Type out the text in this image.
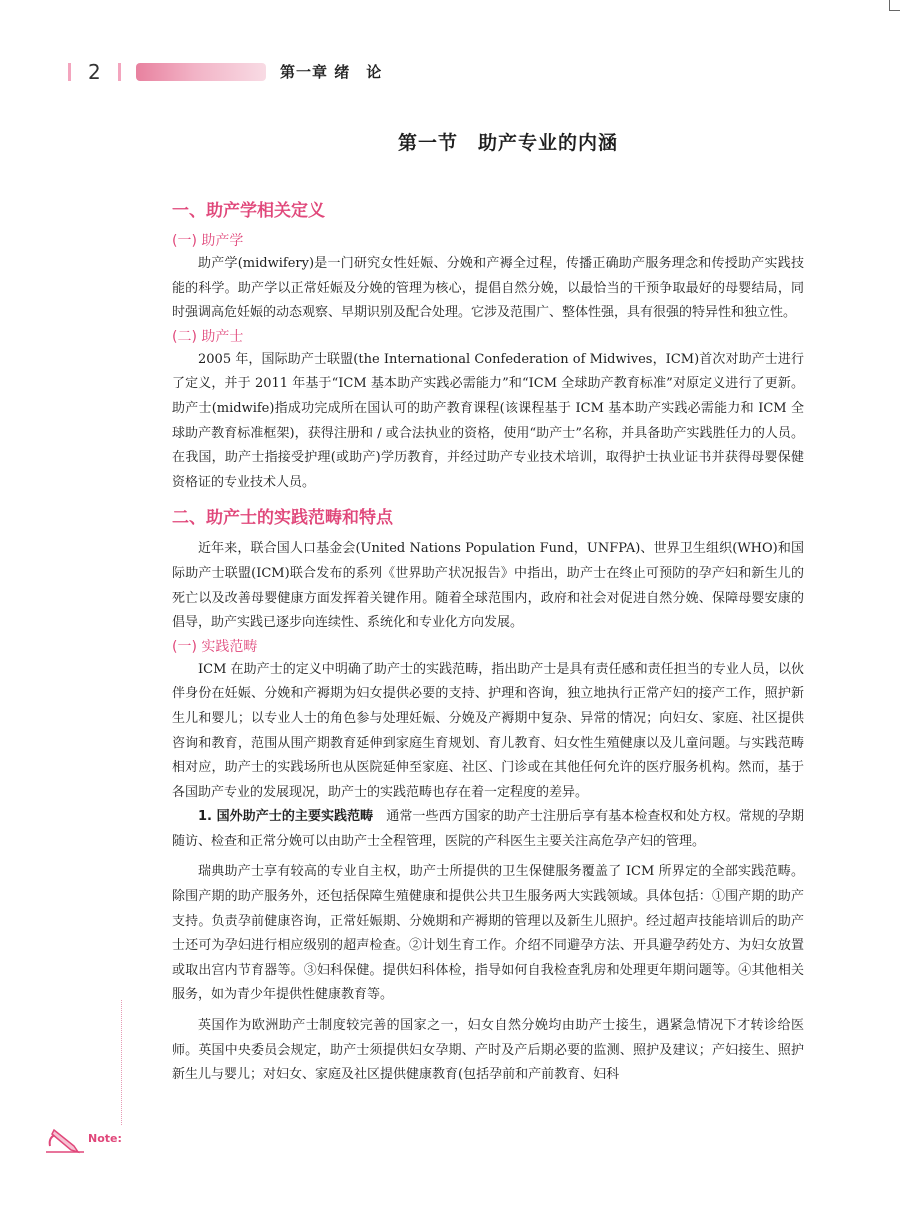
2	第一章 绪　论
第一节　助产专业的内涵
一、助产学相关定义
(一) 助产学

助产学(midwifery)是一门研究女性妊娠、分娩和产褥全过程，传播正确助产服务理念和传授助产实践技能的科学。助产学以正常妊娠及分娩的管理为核心，提倡自然分娩，以最恰当的干预争取最好的母婴结局，同时强调高危妊娠的动态观察、早期识别及配合处理。它涉及范围广、整体性强，具有很强的特异性和独立性。

(二) 助产士

2005 年，国际助产士联盟(the International Confederation of Midwives，ICM)首次对助产士进行了定义，并于 2011 年基于“ICM 基本助产实践必需能力”和“ICM 全球助产教育标准”对原定义进行了更新。助产士(midwife)指成功完成所在国认可的助产教育课程(该课程基于 ICM 基本助产实践必需能力和 ICM 全球助产教育标准框架)，获得注册和 / 或合法执业的资格，使用“助产士”名称，并具备助产实践胜任力的人员。在我国，助产士指接受护理(或助产)学历教育，并经过助产专业技术培训，取得护士执业证书并获得母婴保健资格证的专业技术人员。

二、助产士的实践范畴和特点

近年来，联合国人口基金会(United Nations Population Fund，UNFPA)、世界卫生组织(WHO)和国际助产士联盟(ICM)联合发布的系列《世界助产状况报告》中指出，助产士在终止可预防的孕产妇和新生儿的死亡以及改善母婴健康方面发挥着关键作用。随着全球范围内，政府和社会对促进自然分娩、保障母婴安康的倡导，助产实践已逐步向连续性、系统化和专业化方向发展。

(一) 实践范畴

ICM 在助产士的定义中明确了助产士的实践范畴，指出助产士是具有责任感和责任担当的专业人员，以伙伴身份在妊娠、分娩和产褥期为妇女提供必要的支持、护理和咨询，独立地执行正常产妇的接产工作，照护新生儿和婴儿；以专业人士的角色参与处理妊娠、分娩及产褥期中复杂、异常的情况；向妇女、家庭、社区提供咨询和教育，范围从围产期教育延伸到家庭生育规划、育儿教育、妇女性生殖健康以及儿童问题。与实践范畴相对应，助产士的实践场所也从医院延伸至家庭、社区、门诊或在其他任何允许的医疗服务机构。然而，基于各国助产专业的发展现况，助产士的实践范畴也存在着一定程度的差异。

1. 国外助产士的主要实践范畴　 通常一些西方国家的助产士注册后享有基本检查权和处方权。常规的孕期随访、检查和正常分娩可以由助产士全程管理，医院的产科医生主要关注高危孕产妇的管理。

瑞典助产士享有较高的专业自主权，助产士所提供的卫生保健服务覆盖了 ICM 所界定的全部实践范畴。除围产期的助产服务外，还包括保障生殖健康和提供公共卫生服务两大实践领域。具体包括：①围产期的助产支持。负责孕前健康咨询，正常妊娠期、分娩期和产褥期的管理以及新生儿照护。经过超声技能培训后的助产士还可为孕妇进行相应级别的超声检查。②计划生育工作。介绍不同避孕方法、开具避孕药处方、为妇女放置或取出宫内节育器等。③妇科保健。提供妇科体检，指导如何自我检查乳房和处理更年期问题等。④其他相关服务，如为青少年提供性健康教育等。

英国作为欧洲助产士制度较完善的国家之一，妇女自然分娩均由助产士接生，遇紧急情况下才转诊给医师。英国中央委员会规定，助产士须提供妇女孕期、产时及产后期必要的监测、照护及建议；产妇接生、照护新生儿与婴儿；对妇女、家庭及社区提供健康教育(包括孕前和产前教育、妇科

Note:
